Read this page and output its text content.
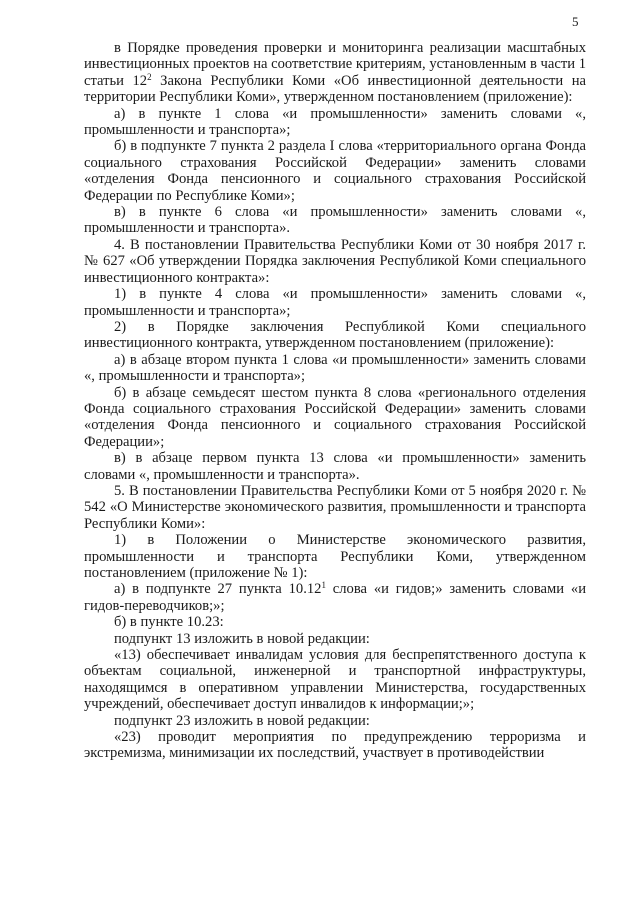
5

в Порядке проведения проверки и мониторинга реализации масштабных инвестиционных проектов на соответствие критериям, установленным в части 1 статьи $12^2$ Закона Республики Коми «Об инвестиционной деятельности на территории Республики Коми», утвержденном постановлением (приложение):

а) в пункте 1 слова «и промышленности» заменить словами «, промышленности и транспорта»;

б) в подпункте 7 пункта 2 раздела I слова «территориального органа Фонда социального страхования Российской Федерации» заменить словами «отделения Фонда пенсионного и социального страхования Российской Федерации по Республике Коми»;

в) в пункте 6 слова «и промышленности» заменить словами «, промышленности и транспорта».

4. В постановлении Правительства Республики Коми от 30 ноября 2017 г. № 627 «Об утверждении Порядка заключения Республикой Коми специального инвестиционного контракта»:

1) в пункте 4 слова «и промышленности» заменить словами «, промышленности и транспорта»;

2) в Порядке заключения Республикой Коми специального инвестиционного контракта, утвержденном постановлением (приложение):

а) в абзаце втором пункта 1 слова «и промышленности» заменить словами «, промышленности и транспорта»;

б) в абзаце семьдесят шестом пункта 8 слова «регионального отделения Фонда социального страхования Российской Федерации» заменить словами «отделения Фонда пенсионного и социального страхования Российской Федерации»;

в) в абзаце первом пункта 13 слова «и промышленности» заменить словами «, промышленности и транспорта».

5. В постановлении Правительства Республики Коми от 5 ноября 2020 г. № 542 «О Министерстве экономического развития, промышленности и транспорта Республики Коми»:

1) в Положении о Министерстве экономического развития, промышленности и транспорта Республики Коми, утвержденном постановлением (приложение № 1):

а) в подпункте 27 пункта 10.12$^1$ слова «и гидов;» заменить словами «и гидов-переводчиков;»;

б) в пункте 10.23:

подпункт 13 изложить в новой редакции:

«13) обеспечивает инвалидам условия для беспрепятственного доступа к объектам социальной, инженерной и транспортной инфраструктуры, находящимся в оперативном управлении Министерства, государственных учреждений, обеспечивает доступ инвалидов к информации;»;

подпункт 23 изложить в новой редакции:

«23) проводит мероприятия по предупреждению терроризма и экстремизма, минимизации их последствий, участвует в противодействии
